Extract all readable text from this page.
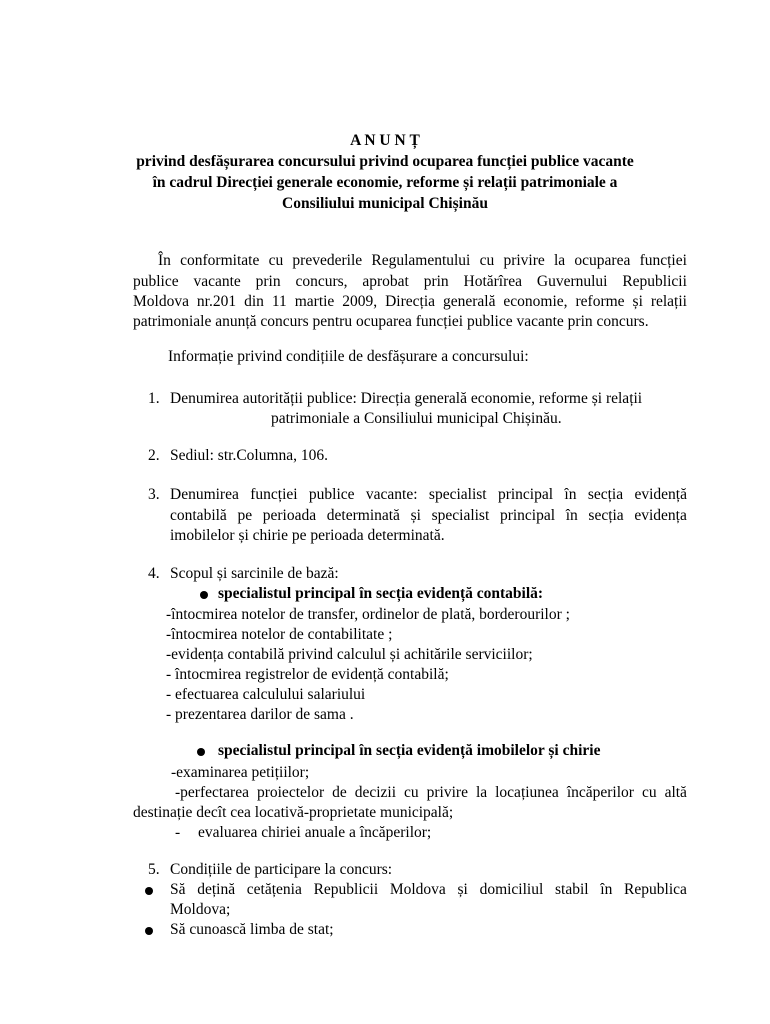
A N U N Ț
privind desfășurarea concursului privind ocuparea funcției publice vacante
în cadrul Direcției generale economie, reforme și relații patrimoniale a
Consiliului municipal Chișinău
În conformitate cu prevederile Regulamentului cu privire la ocuparea funcției
publice vacante prin concurs, aprobat prin Hotărîrea Guvernului Republicii
Moldova nr.201 din 11 martie 2009, Direcția generală economie, reforme și relații
patrimoniale anunță concurs pentru ocuparea funcției publice vacante prin concurs.
Informație privind condițiile de desfășurare a concursului:
1. Denumirea autorității publice: Direcția generală economie, reforme și relații
patrimoniale a Consiliului municipal Chișinău.
2. Sediul: str.Columna, 106.
3. Denumirea funcției publice vacante: specialist principal în secția evidență
contabilă pe perioada determinată și specialist principal în secția evidența
imobilelor și chirie pe perioada determinată.
4. Scopul și sarcinile de bază:
specialistul principal în secția evidență contabilă:
-întocmirea notelor de transfer, ordinelor de plată, borderourilor ;
-întocmirea notelor de contabilitate ;
-evidența contabilă privind calculul și achitările serviciilor;
- întocmirea registrelor de evidență contabilă;
- efectuarea calculului salariului
- prezentarea darilor de sama .
specialistul principal în secția evidență imobilelor și chirie
-examinarea petițiilor;
-perfectarea proiectelor de decizii cu privire la locațiunea încăperilor cu altă
destinație decît cea locativă-proprietate municipală;
- evaluarea chiriei anuale a încăperilor;
5. Condițiile de participare la concurs:
Să dețină cetățenia Republicii Moldova și domiciliul stabil în Republica
Moldova;
Să cunoască limba de stat;
